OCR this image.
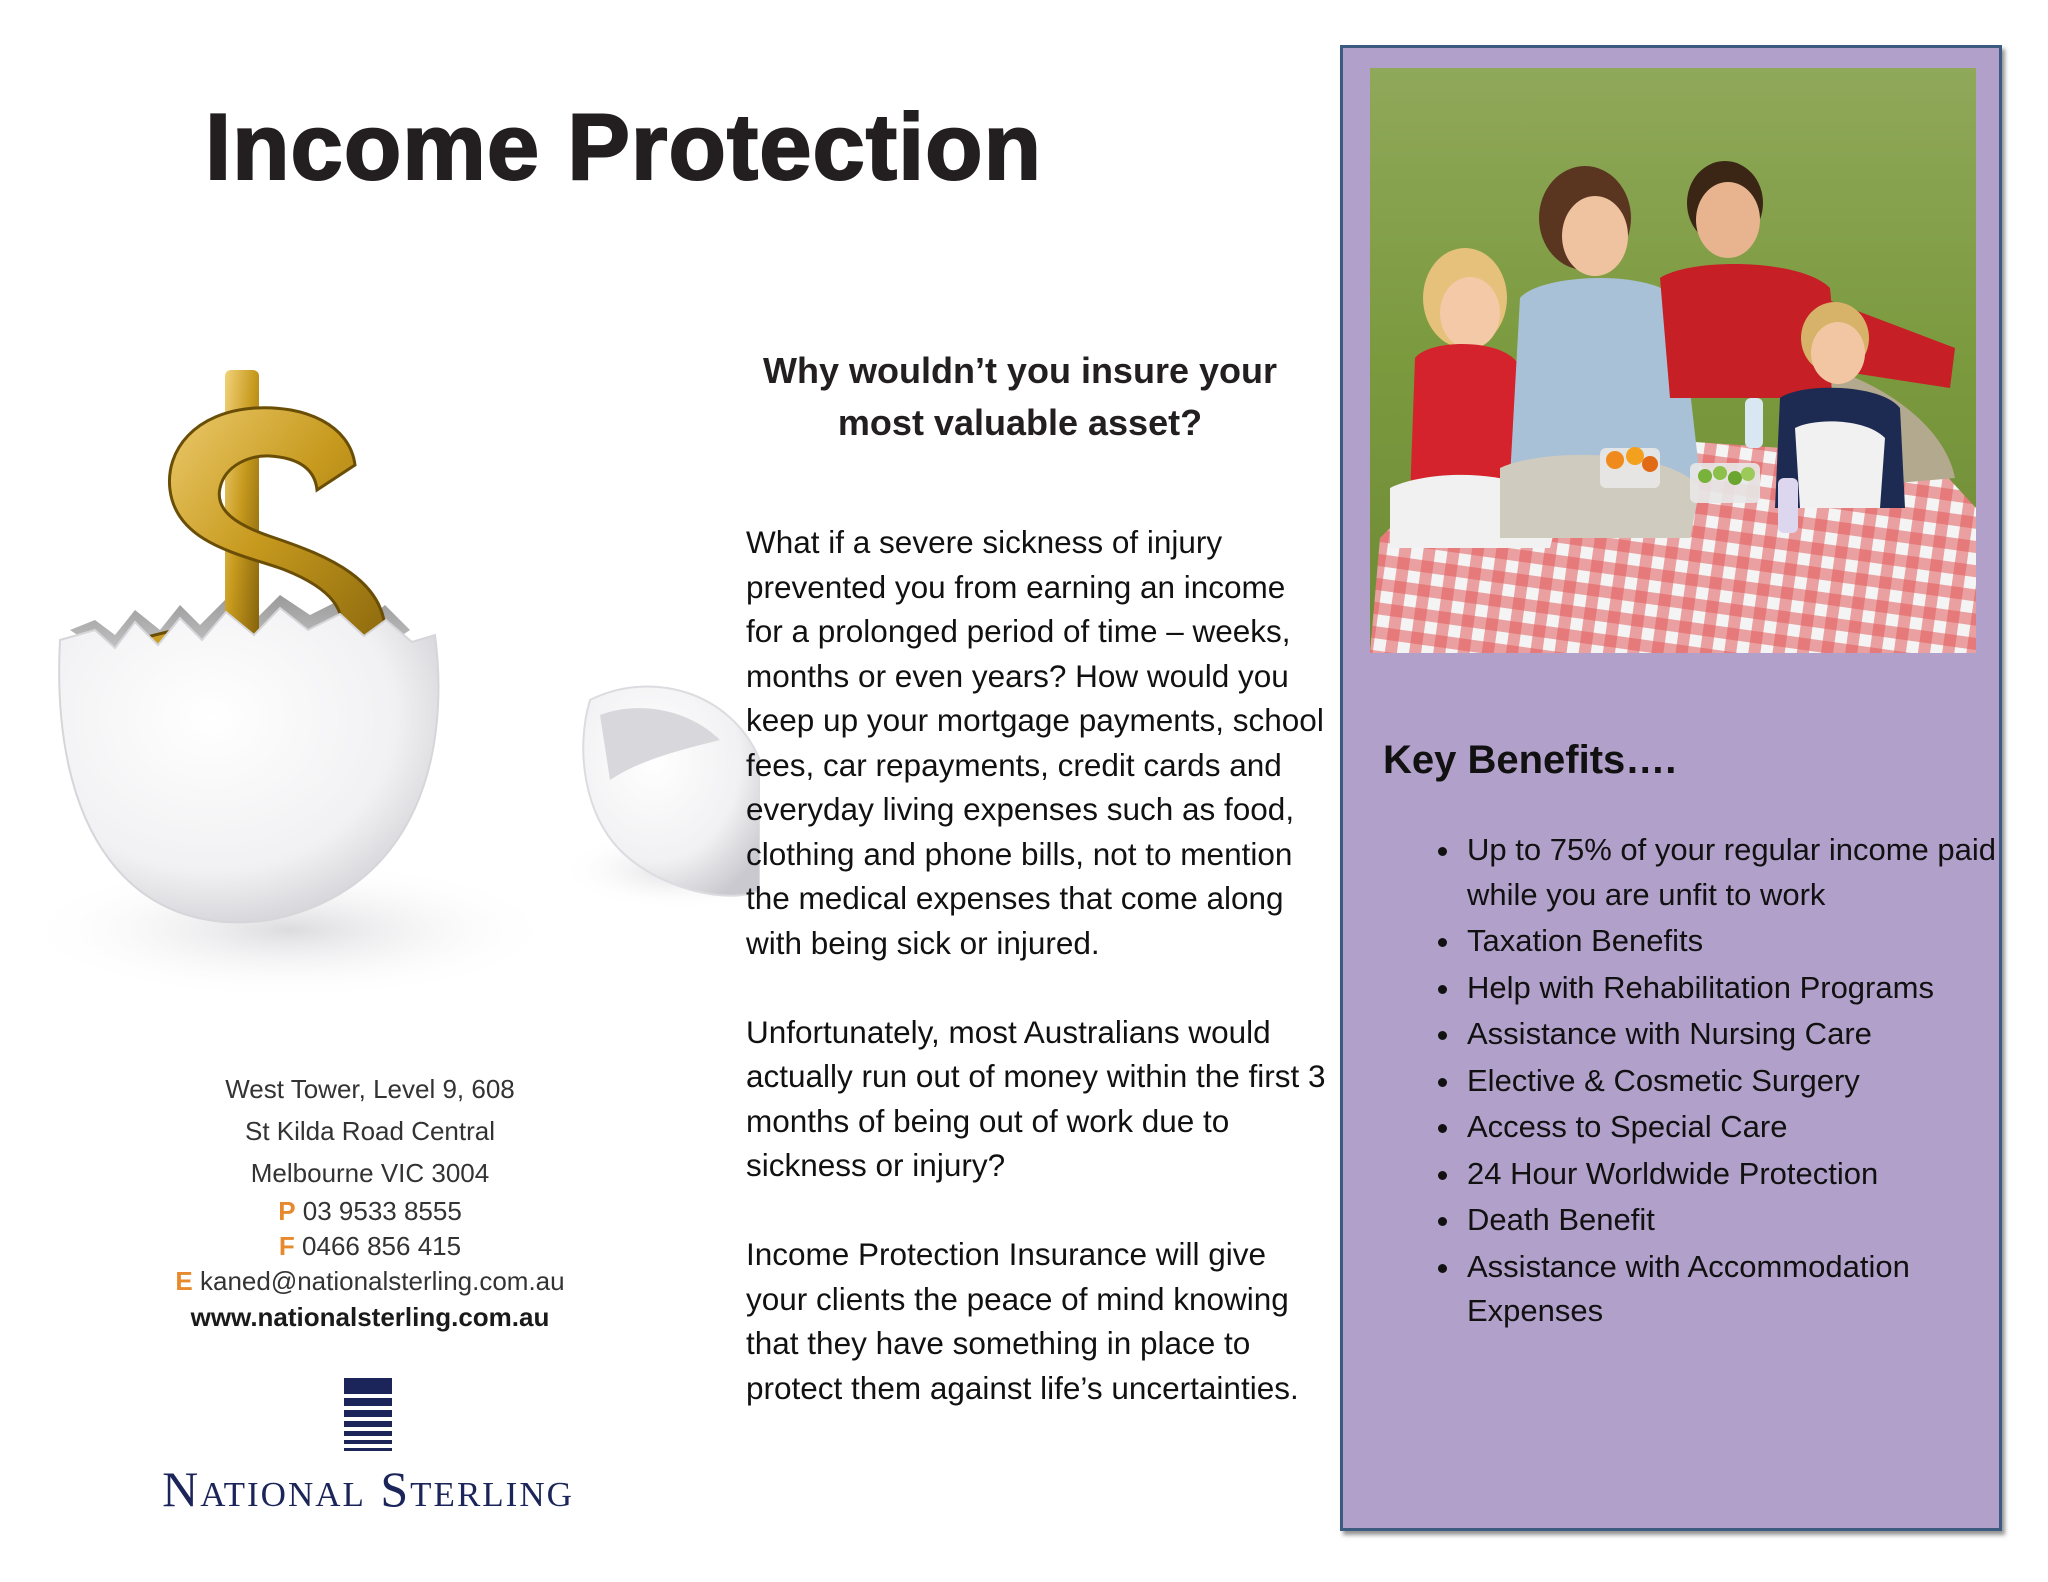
Income Protection
West Tower, Level 9, 608
St Kilda Road Central
Melbourne VIC 3004
P 03 9533 8555
F 0466 856 415
E kaned@nationalsterling.com.au
www.nationalsterling.com.au
National Sterling
Why wouldn’t you insure your most valuable asset?

What if a severe sickness of injury prevented you from earning an income for a prolonged period of time – weeks, months or even years? How would you keep up your mortgage payments, school fees, car repayments, credit cards and everyday living expenses such as food, clothing and phone bills, not to mention the medical expenses that come along with being sick or injured.

Unfortunately, most Australians would actually run out of money within the first 3 months of being out of work due to sickness or injury?

Income Protection Insurance will give your clients the peace of mind knowing that they have something in place to protect them against life’s uncertainties.

Key Benefits….
• Up to 75% of your regular income paid while you are unfit to work
• Taxation Benefits
• Help with Rehabilitation Programs
• Assistance with Nursing Care
• Elective & Cosmetic Surgery
• Access to Special Care
• 24 Hour Worldwide Protection
• Death Benefit
• Assistance with Accommodation Expenses
